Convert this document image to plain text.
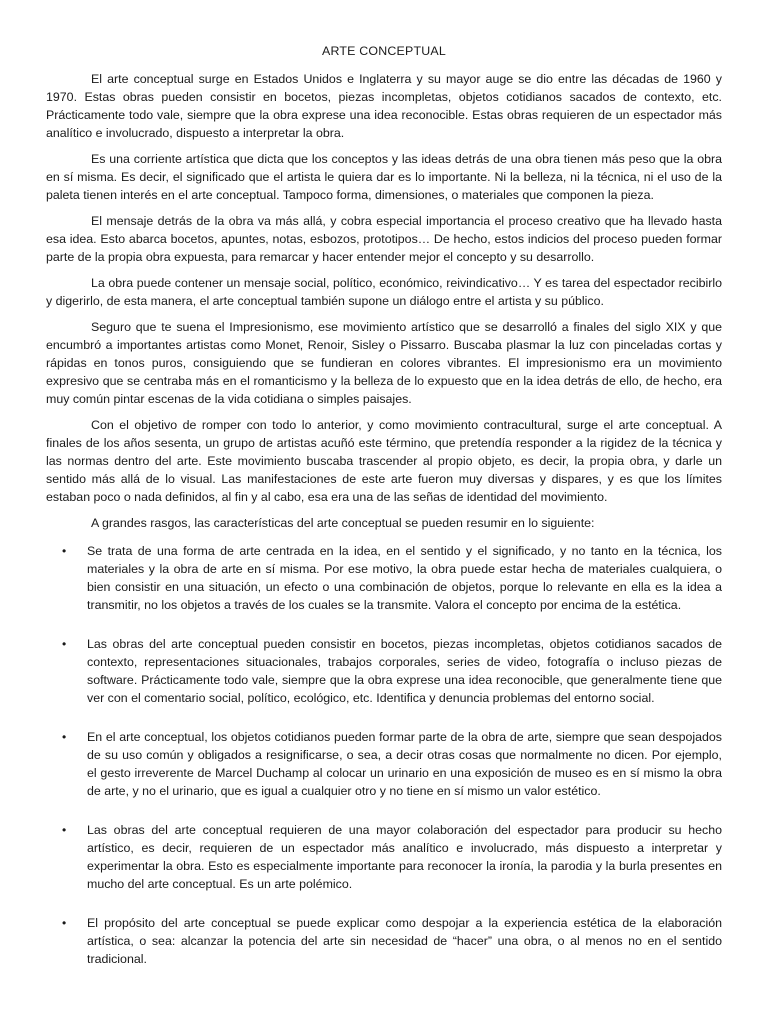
ARTE CONCEPTUAL

El arte conceptual surge en Estados Unidos e Inglaterra y su mayor auge se dio entre las décadas de 1960 y 1970. Estas obras pueden consistir en bocetos, piezas incompletas, objetos cotidianos sacados de contexto, etc. Prácticamente todo vale, siempre que la obra exprese una idea reconocible. Estas obras requieren de un espectador más analítico e involucrado, dispuesto a interpretar la obra.

Es una corriente artística que dicta que los conceptos y las ideas detrás de una obra tienen más peso que la obra en sí misma. Es decir, el significado que el artista le quiera dar es lo importante. Ni la belleza, ni la técnica, ni el uso de la paleta tienen interés en el arte conceptual. Tampoco forma, dimensiones, o materiales que componen la pieza.

El mensaje detrás de la obra va más allá, y cobra especial importancia el proceso creativo que ha llevado hasta esa idea. Esto abarca bocetos, apuntes, notas, esbozos, prototipos… De hecho, estos indicios del proceso pueden formar parte de la propia obra expuesta, para remarcar y hacer entender mejor el concepto y su desarrollo.

La obra puede contener un mensaje social, político, económico, reivindicativo… Y es tarea del espectador recibirlo y digerirlo, de esta manera, el arte conceptual también supone un diálogo entre el artista y su público.

Seguro que te suena el Impresionismo, ese movimiento artístico que se desarrolló a finales del siglo XIX y que encumbró a importantes artistas como Monet, Renoir, Sisley o Pissarro. Buscaba plasmar la luz con pinceladas cortas y rápidas en tonos puros, consiguiendo que se fundieran en colores vibrantes. El impresionismo era un movimiento expresivo que se centraba más en el romanticismo y la belleza de lo expuesto que en la idea detrás de ello, de hecho, era muy común pintar escenas de la vida cotidiana o simples paisajes.

Con el objetivo de romper con todo lo anterior, y como movimiento contracultural, surge el arte conceptual. A finales de los años sesenta, un grupo de artistas acuñó este término, que pretendía responder a la rigidez de la técnica y las normas dentro del arte. Este movimiento buscaba trascender al propio objeto, es decir, la propia obra, y darle un sentido más allá de lo visual. Las manifestaciones de este arte fueron muy diversas y dispares, y es que los límites estaban poco o nada definidos, al fin y al cabo, esa era una de las señas de identidad del movimiento.

A grandes rasgos, las características del arte conceptual se pueden resumir en lo siguiente:

• Se trata de una forma de arte centrada en la idea, en el sentido y el significado, y no tanto en la técnica, los materiales y la obra de arte en sí misma. Por ese motivo, la obra puede estar hecha de materiales cualquiera, o bien consistir en una situación, un efecto o una combinación de objetos, porque lo relevante en ella es la idea a transmitir, no los objetos a través de los cuales se la transmite. Valora el concepto por encima de la estética.
• Las obras del arte conceptual pueden consistir en bocetos, piezas incompletas, objetos cotidianos sacados de contexto, representaciones situacionales, trabajos corporales, series de video, fotografía o incluso piezas de software. Prácticamente todo vale, siempre que la obra exprese una idea reconocible, que generalmente tiene que ver con el comentario social, político, ecológico, etc. Identifica y denuncia problemas del entorno social.
• En el arte conceptual, los objetos cotidianos pueden formar parte de la obra de arte, siempre que sean despojados de su uso común y obligados a resignificarse, o sea, a decir otras cosas que normalmente no dicen. Por ejemplo, el gesto irreverente de Marcel Duchamp al colocar un urinario en una exposición de museo es en sí mismo la obra de arte, y no el urinario, que es igual a cualquier otro y no tiene en sí mismo un valor estético.
• Las obras del arte conceptual requieren de una mayor colaboración del espectador para producir su hecho artístico, es decir, requieren de un espectador más analítico e involucrado, más dispuesto a interpretar y experimentar la obra. Esto es especialmente importante para reconocer la ironía, la parodia y la burla presentes en mucho del arte conceptual. Es un arte polémico.
• El propósito del arte conceptual se puede explicar como despojar a la experiencia estética de la elaboración artística, o sea: alcanzar la potencia del arte sin necesidad de “hacer” una obra, o al menos no en el sentido tradicional.
